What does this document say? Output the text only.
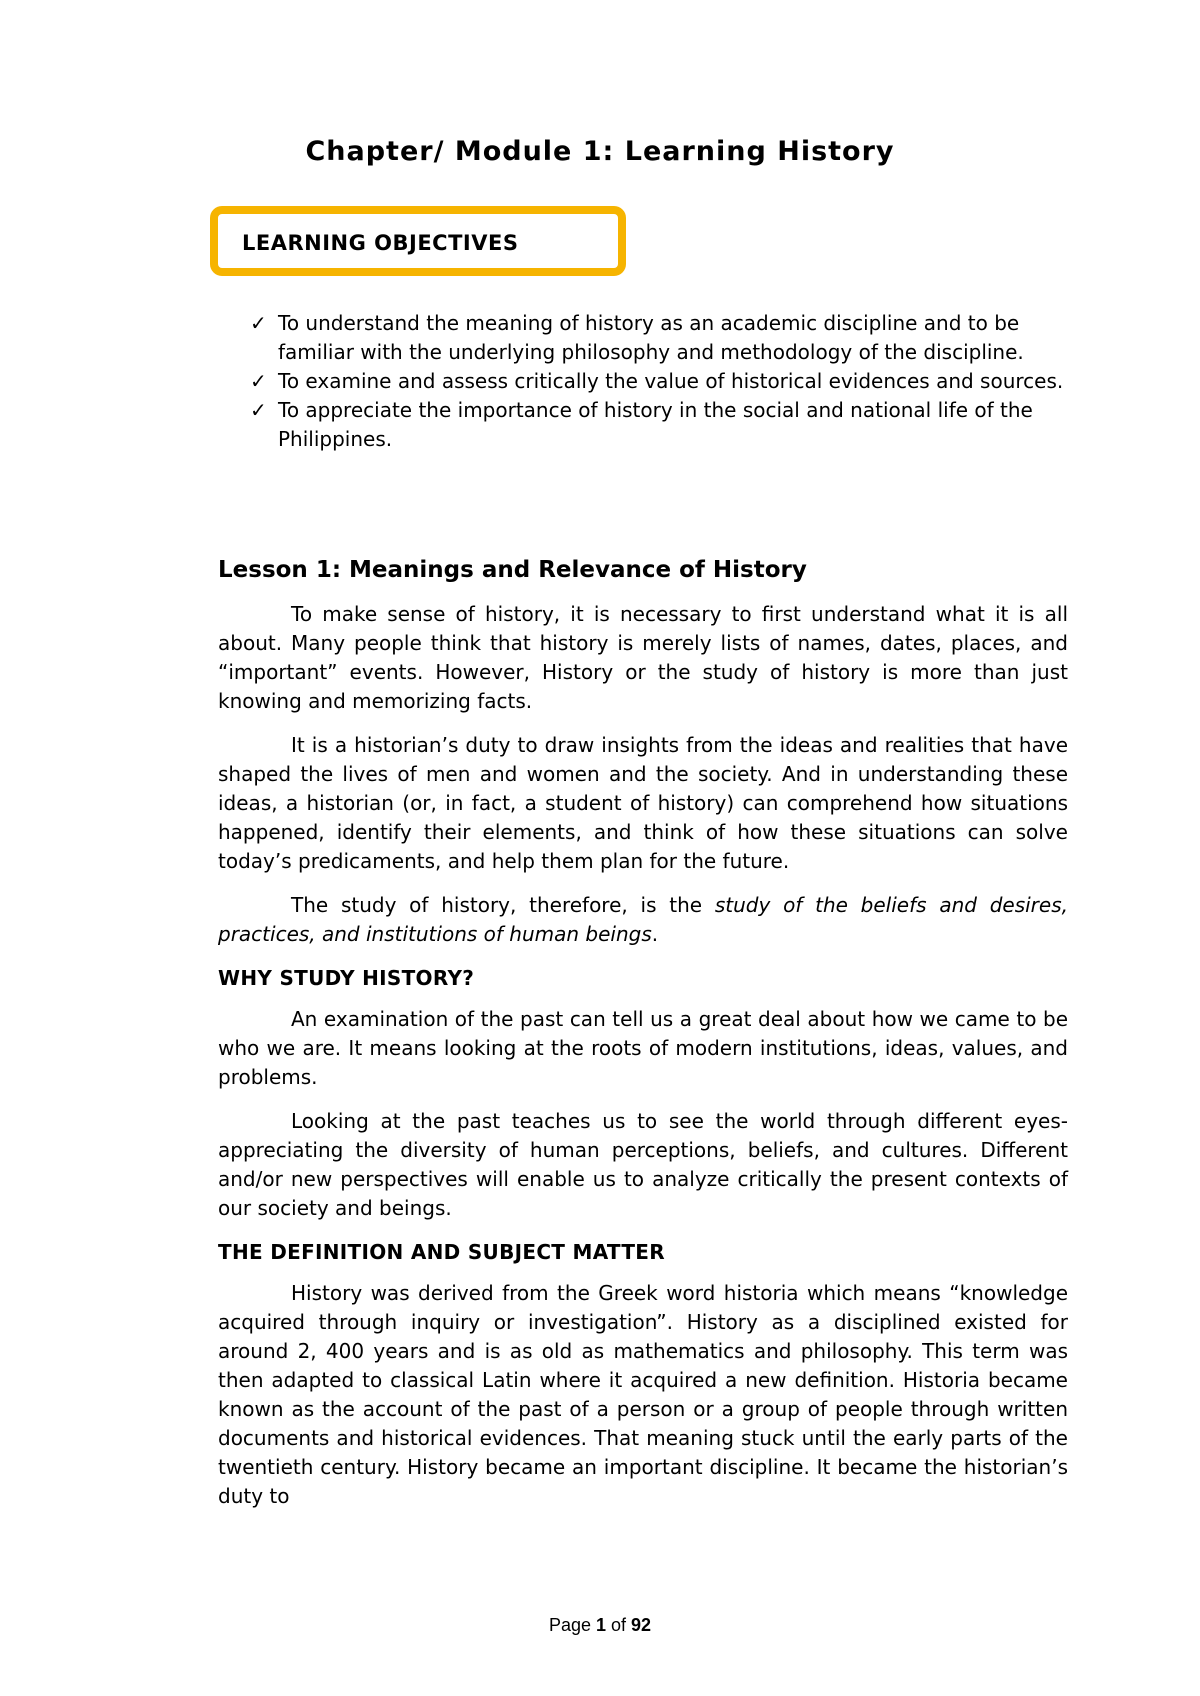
Chapter/ Module 1: Learning History
LEARNING OBJECTIVES
✓ To understand the meaning of history as an academic discipline and to be familiar with the underlying philosophy and methodology of the discipline.
✓ To examine and assess critically the value of historical evidences and sources.
✓ To appreciate the importance of history in the social and national life of the Philippines.
Lesson 1: Meanings and Relevance of History

To make sense of history, it is necessary to first understand what it is all about. Many people think that history is merely lists of names, dates, places, and “important” events. However, History or the study of history is more than just knowing and memorizing facts.

It is a historian’s duty to draw insights from the ideas and realities that have shaped the lives of men and women and the society. And in understanding these ideas, a historian (or, in fact, a student of history) can comprehend how situations happened, identify their elements, and think of how these situations can solve today’s predicaments, and help them plan for the future.

The study of history, therefore, is the study of the beliefs and desires, practices, and institutions of human beings.

WHY STUDY HISTORY?

An examination of the past can tell us a great deal about how we came to be who we are. It means looking at the roots of modern institutions, ideas, values, and problems.

Looking at the past teaches us to see the world through different eyes- appreciating the diversity of human perceptions, beliefs, and cultures. Different and/or new perspectives will enable us to analyze critically the present contexts of our society and beings.

THE DEFINITION AND SUBJECT MATTER

History was derived from the Greek word historia which means “knowledge acquired through inquiry or investigation”. History as a disciplined existed for around 2, 400 years and is as old as mathematics and philosophy. This term was then adapted to classical Latin where it acquired a new definition. Historia became known as the account of the past of a person or a group of people through written documents and historical evidences. That meaning stuck until the early parts of the twentieth century. History became an important discipline. It became the historian’s duty to

Page 1 of 92
